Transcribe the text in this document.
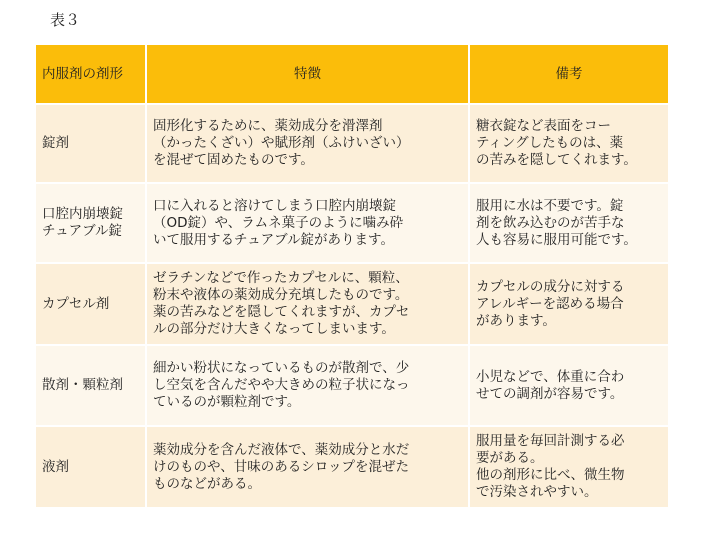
表３
内服剤の剤形	特徴	備考

錠剤	固形化するために、薬効成分を滑澤剤
（かったくざい）や賦形剤（ふけいざい）
を混ぜて固めたものです。	糖衣錠など表面をコー
ティングしたものは、薬
の苦みを隠してくれます。

口腔内崩壊錠
チュアブル錠	口に入れると溶けてしまう口腔内崩壊錠
（OD錠）や、ラムネ菓子のように噛み砕
いて服用するチュアブル錠があります。	服用に水は不要です。錠
剤を飲み込むのが苦手な
人も容易に服用可能です。

カプセル剤	ゼラチンなどで作ったカプセルに、顆粒、
粉末や液体の薬効成分充填したものです。
薬の苦みなどを隠してくれますが、カプセ
ルの部分だけ大きくなってしまいます。	カプセルの成分に対する
アレルギーを認める場合
があります。

散剤・顆粒剤	細かい粉状になっているものが散剤で、少
し空気を含んだやや大きめの粒子状になっ
ているのが顆粒剤です。	小児などで、体重に合わ
せての調剤が容易です。

液剤	薬効成分を含んだ液体で、薬効成分と水だ
けのものや、甘味のあるシロップを混ぜた
ものなどがある。	服用量を毎回計測する必
要がある。
他の剤形に比べ、微生物
で汚染されやすい。
